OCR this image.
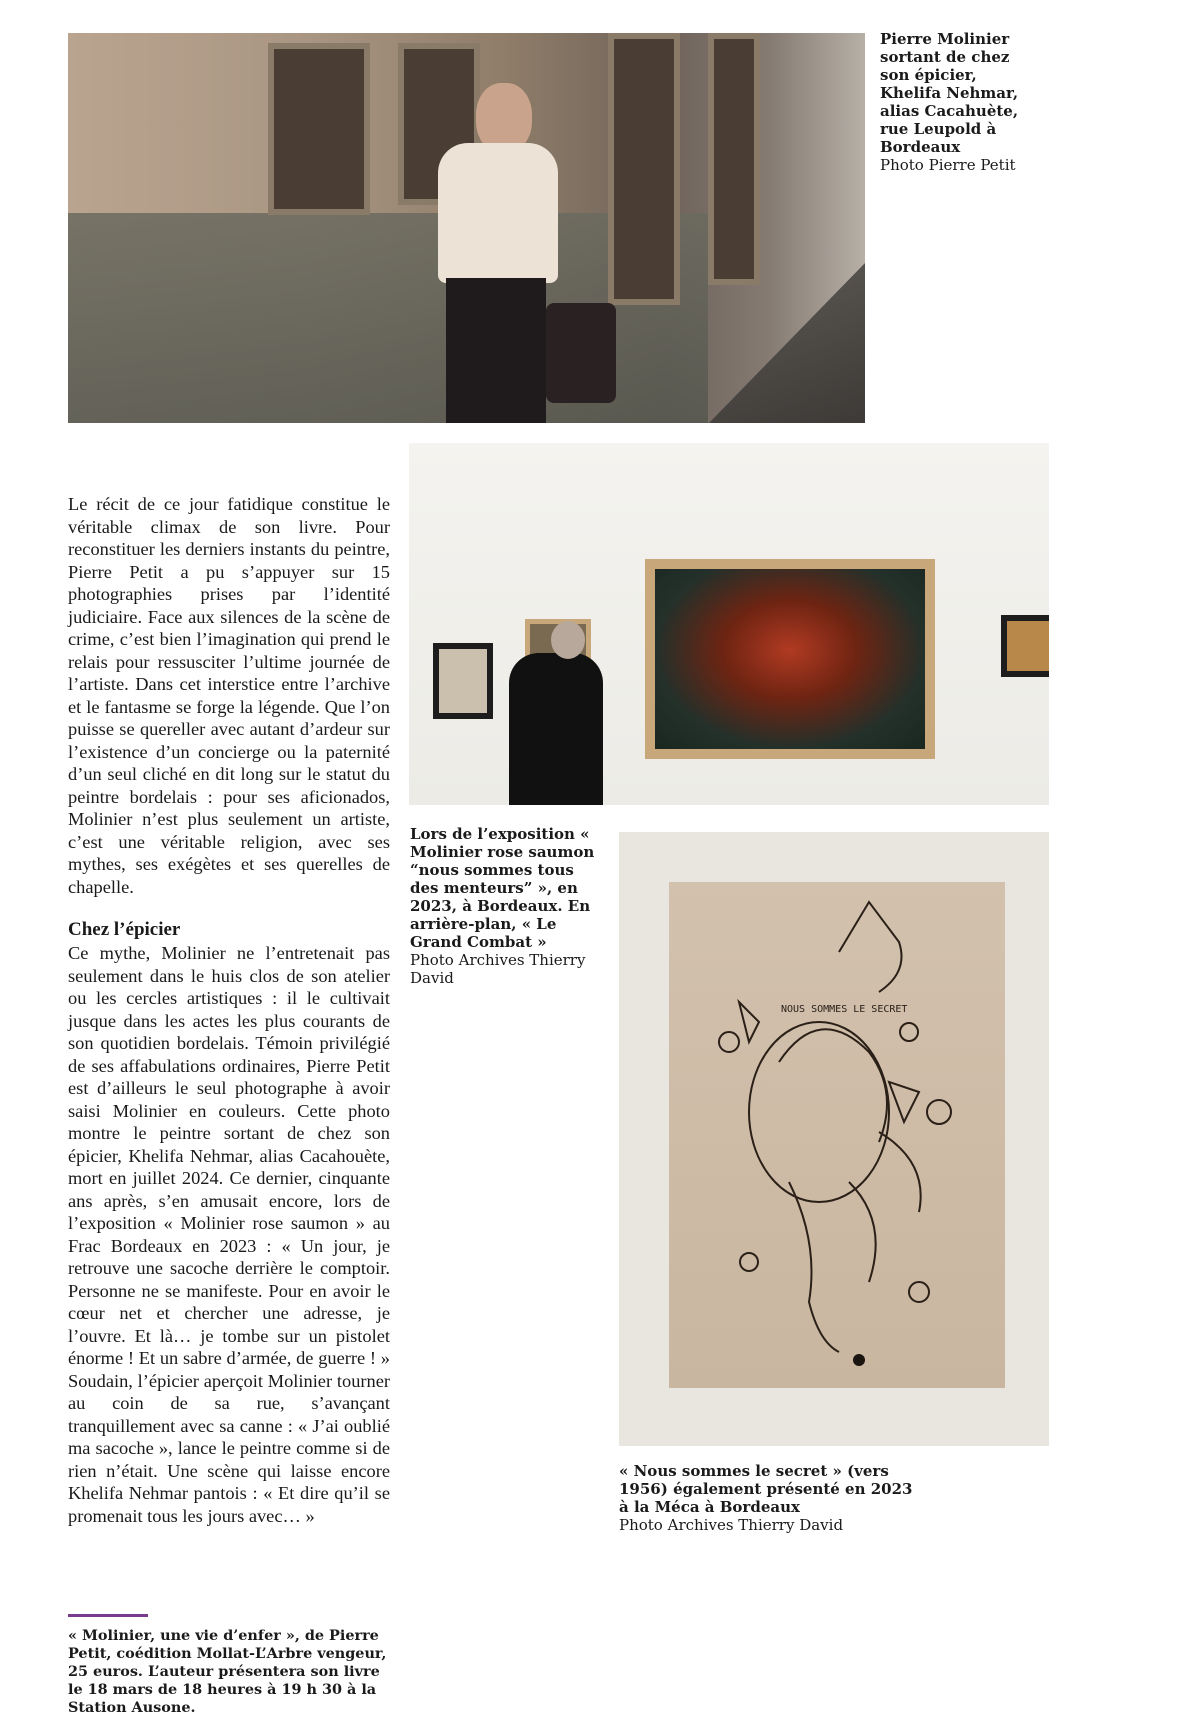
Pierre Molinier sortant de chez son épicier, Khelifa Nehmar, alias Cacahuète, rue Leupold à Bordeaux
Photo Pierre Petit
Lors de l’exposition « Molinier rose saumon “nous sommes tous des menteurs” », en 2023, à Bordeaux. En arrière-plan, « Le Grand Combat »
Photo Archives Thierry David
NOUS SOMMES LE SECRET
« Nous sommes le secret » (vers 1956) également présenté en 2023 à la Méca à Bordeaux
Photo Archives Thierry David

Le récit de ce jour fatidique constitue le véritable climax de son livre. Pour reconstituer les derniers instants du peintre, Pierre Petit a pu s’appuyer sur 15 photographies prises par l’identité judiciaire. Face aux silences de la scène de crime, c’est bien l’imagination qui prend le relais pour ressusciter l’ultime journée de l’artiste. Dans cet interstice entre l’archive et le fantasme se forge la légende. Que l’on puisse se quereller avec autant d’ardeur sur l’existence d’un concierge ou la paternité d’un seul cliché en dit long sur le statut du peintre bordelais : pour ses aficionados, Molinier n’est plus seulement un artiste, c’est une véritable religion, avec ses mythes, ses exégètes et ses querelles de chapelle.

Chez l’épicier

Ce mythe, Molinier ne l’entretenait pas seulement dans le huis clos de son atelier ou les cercles artistiques : il le cultivait jusque dans les actes les plus courants de son quotidien bordelais. Témoin privilégié de ses affabulations ordinaires, Pierre Petit est d’ailleurs le seul photographe à avoir saisi Molinier en couleurs. Cette photo montre le peintre sortant de chez son épicier, Khelifa Nehmar, alias Cacahouète, mort en juillet 2024. Ce dernier, cinquante ans après, s’en amusait encore, lors de l’exposition « Molinier rose saumon » au Frac Bordeaux en 2023 : « Un jour, je retrouve une sacoche derrière le comptoir. Personne ne se manifeste. Pour en avoir le cœur net et chercher une adresse, je l’ouvre. Et là… je tombe sur un pistolet énorme ! Et un sabre d’armée, de guerre ! » Soudain, l’épicier aperçoit Molinier tourner au coin de sa rue, s’avançant tranquillement avec sa canne : « J’ai oublié ma sacoche », lance le peintre comme si de rien n’était. Une scène qui laisse encore Khelifa Nehmar pantois : « Et dire qu’il se promenait tous les jours avec… »

« Molinier, une vie d’enfer », de Pierre Petit, coédition Mollat-L’Arbre vengeur, 25 euros. L’auteur présentera son livre le 18 mars de 18 heures à 19 h 30 à la Station Ausone.
